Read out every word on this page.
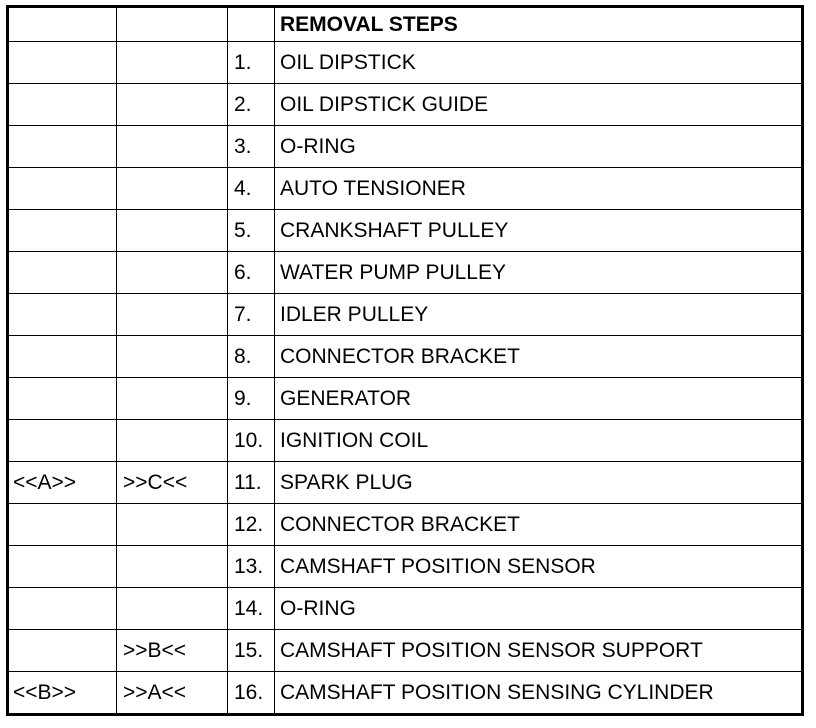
			REMOVAL STEPS
		1.	OIL DIPSTICK
		2.	OIL DIPSTICK GUIDE
		3.	O-RING
		4.	AUTO TENSIONER
		5.	CRANKSHAFT PULLEY
		6.	WATER PUMP PULLEY
		7.	IDLER PULLEY
		8.	CONNECTOR BRACKET
		9.	GENERATOR
		10.	IGNITION COIL
<<A>>	>>C<<	11.	SPARK PLUG
		12.	CONNECTOR BRACKET
		13.	CAMSHAFT POSITION SENSOR
		14.	O-RING
	>>B<<	15.	CAMSHAFT POSITION SENSOR SUPPORT
<<B>>	>>A<<	16.	CAMSHAFT POSITION SENSING CYLINDER
